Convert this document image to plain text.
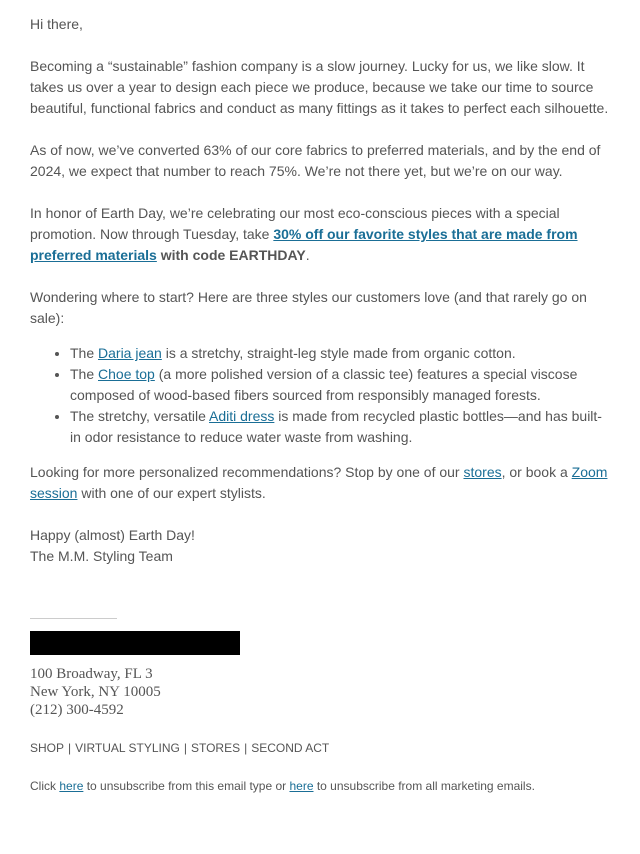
Hi there,

Becoming a “sustainable” fashion company is a slow journey. Lucky for us, we like slow. It takes us over a year to design each piece we produce, because we take our time to source beautiful, functional fabrics and conduct as many fittings as it takes to perfect each silhouette.

As of now, we’ve converted 63% of our core fabrics to preferred materials, and by the end of 2024, we expect that number to reach 75%. We’re not there yet, but we’re on our way.

In honor of Earth Day, we’re celebrating our most eco-conscious pieces with a special promotion. Now through Tuesday, take 30% off our favorite styles that are made from preferred materials with code EARTHDAY.

Wondering where to start? Here are three styles our customers love (and that rarely go on sale):

• The Daria jean is a stretchy, straight-leg style made from organic cotton.
• The Choe top (a more polished version of a classic tee) features a special viscose composed of wood-based fibers sourced from responsibly managed forests.
• The stretchy, versatile Aditi dress is made from recycled plastic bottles—and has built-in odor resistance to reduce water waste from washing.

Looking for more personalized recommendations? Stop by one of our stores, or book a Zoom session with one of our expert stylists.

Happy (almost) Earth Day!
The M.M. Styling Team

100 Broadway, FL 3
New York, NY 10005
(212) 300-4592
SHOP | VIRTUAL STYLING | STORES | SECOND ACT
Click here to unsubscribe from this email type or here to unsubscribe from all marketing emails.
